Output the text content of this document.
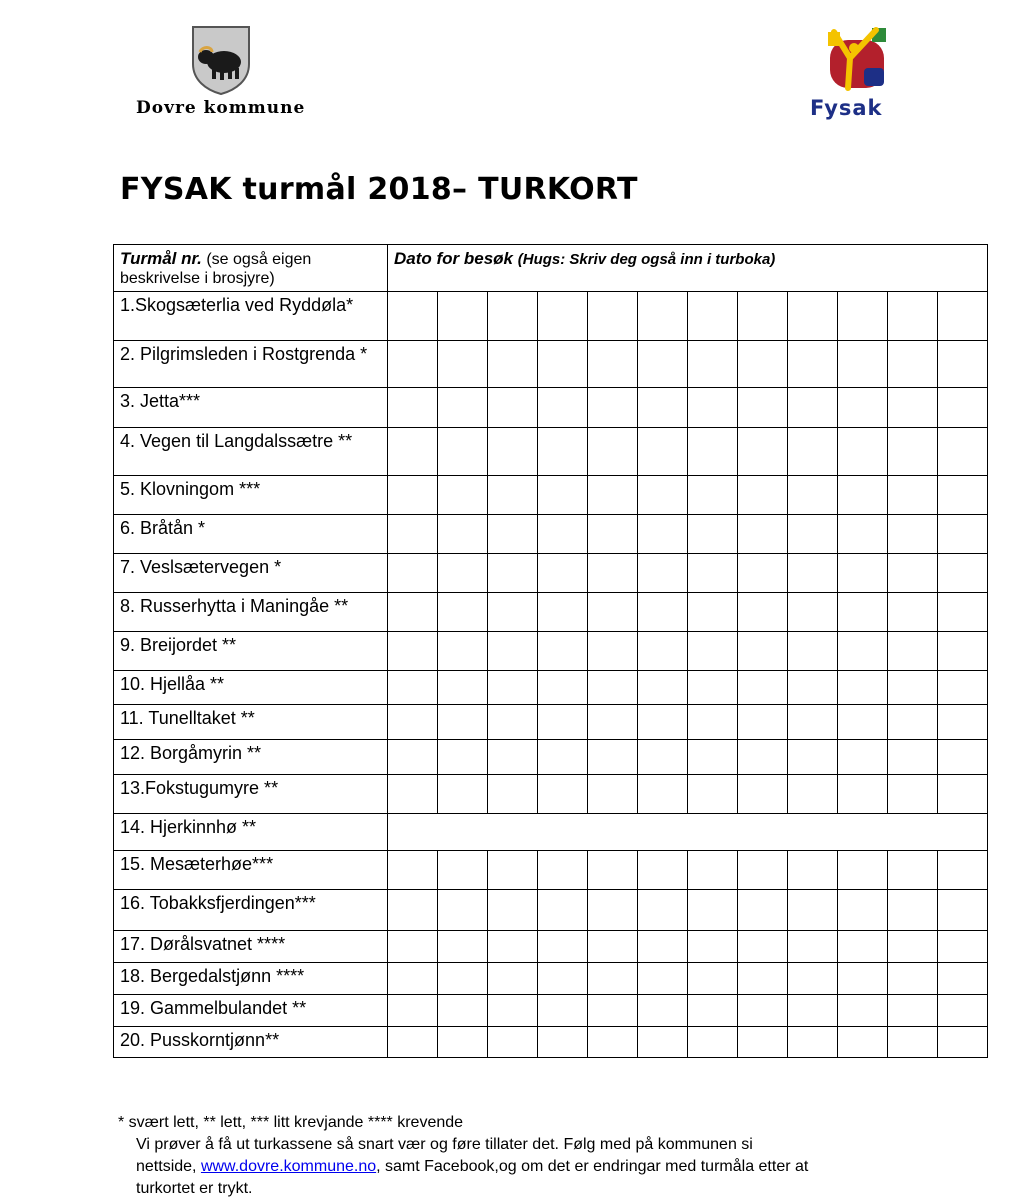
Dovre kommune	Fysak
FYSAK turmål 2018– TURKORT
Turmål nr. (se også eigen beskrivelse i brosjyre)	Dato for besøk (Hugs: Skriv deg også inn i turboka)											
1.Skogsæterlia ved Ryddøla*												
2. Pilgrimsleden i Rostgrenda *												
3. Jetta***												
4. Vegen til Langdalssætre **												
5. Klovningom ***												
6. Bråtån *												
7. Veslsætervegen *												
8. Russerhytta i Maningåe **												
9. Breijordet **												
10. Hjellåa **												
11. Tunelltaket **												
12. Borgåmyrin **												
13.Fokstugumyre **												
14. Hjerkinnhø **												
15. Mesæterhøe***												
16. Tobakksfjerdingen***												
17. Dørålsvatnet ****												
18. Bergedalstjønn ****												
19. Gammelbulandet **												
20. Pusskorntjønn**												
* svært lett, ** lett, *** litt krevjande **** krevende
Vi prøver å få ut turkassene så snart vær og føre tillater det. Følg med på kommunen si
nettside, www.dovre.kommune.no, samt Facebook,og om det er endringar med turmåla etter at
turkortet er trykt.
